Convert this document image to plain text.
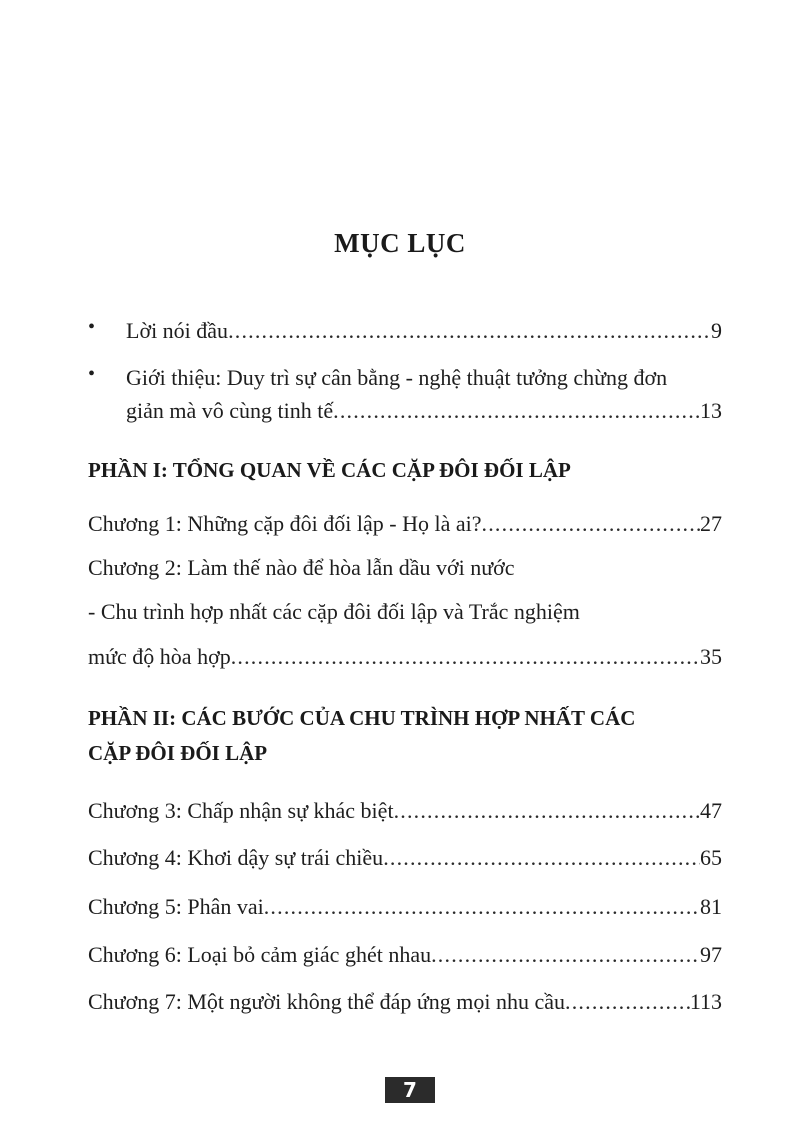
MỤC LỤC
• Lời nói đầu .....	9
• Giới thiệu: Duy trì sự cân bằng - nghệ thuật tưởng chừng đơn
giản mà vô cùng tinh tế .....	13
PHẦN I: TỔNG QUAN VỀ CÁC CẶP ĐÔI ĐỐI LẬP
Chương 1: Những cặp đôi đối lập - Họ là ai? .....	27
Chương 2: Làm thế nào để hòa lẫn dầu với nước
- Chu trình hợp nhất các cặp đôi đối lập và Trắc nghiệm
mức độ hòa hợp .....	35
PHẦN II: CÁC BƯỚC CỦA CHU TRÌNH HỢP NHẤT CÁC
CẶP ĐÔI ĐỐI LẬP
Chương 3: Chấp nhận sự khác biệt .....	47
Chương 4: Khơi dậy sự trái chiều .....	65
Chương 5: Phân vai .....	81
Chương 6: Loại bỏ cảm giác ghét nhau .....	97
Chương 7: Một người không thể đáp ứng mọi nhu cầu .....	113
7
